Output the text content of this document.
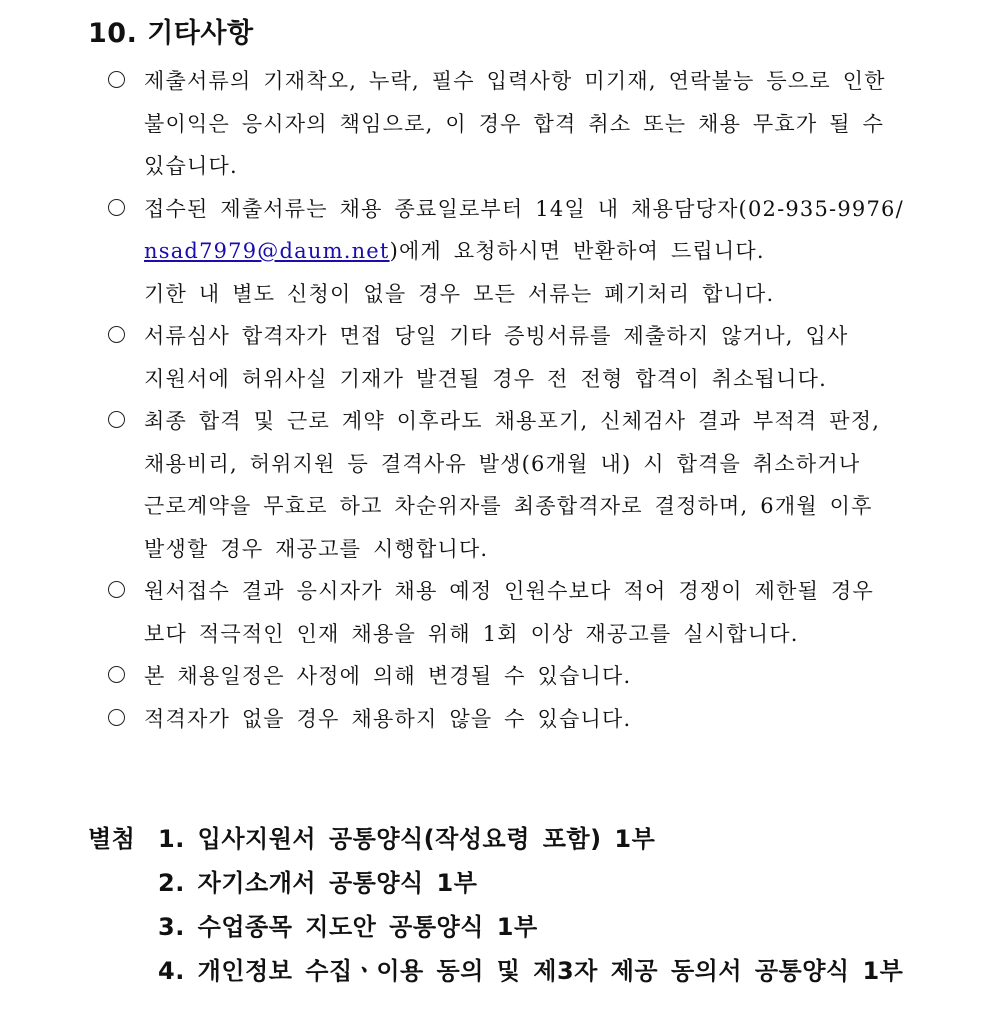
10. 기타사항
제출서류의 기재착오, 누락, 필수 입력사항 미기재, 연락불능 등으로 인한
불이익은 응시자의 책임으로, 이 경우 합격 취소 또는 채용 무효가 될 수
있습니다.
접수된 제출서류는 채용 종료일로부터 14일 내 채용담당자(02-935-9976/
nsad7979@daum.net)에게 요청하시면 반환하여 드립니다.
기한 내 별도 신청이 없을 경우 모든 서류는 폐기처리 합니다.
서류심사 합격자가 면접 당일 기타 증빙서류를 제출하지 않거나, 입사
지원서에 허위사실 기재가 발견될 경우 전 전형 합격이 취소됩니다.
최종 합격 및 근로 계약 이후라도 채용포기, 신체검사 결과 부적격 판정,
채용비리, 허위지원 등 결격사유 발생(6개월 내) 시 합격을 취소하거나
근로계약을 무효로 하고 차순위자를 최종합격자로 결정하며, 6개월 이후
발생할 경우 재공고를 시행합니다.
원서접수 결과 응시자가 채용 예정 인원수보다 적어 경쟁이 제한될 경우
보다 적극적인 인재 채용을 위해 1회 이상 재공고를 실시합니다.
본 채용일정은 사정에 의해 변경될 수 있습니다.
적격자가 없을 경우 채용하지 않을 수 있습니다.
별첨 1. 입사지원서 공통양식(작성요령 포함) 1부
2. 자기소개서 공통양식 1부
3. 수업종목 지도안 공통양식 1부
4. 개인정보 수집ㆍ이용 동의 및 제3자 제공 동의서 공통양식 1부
